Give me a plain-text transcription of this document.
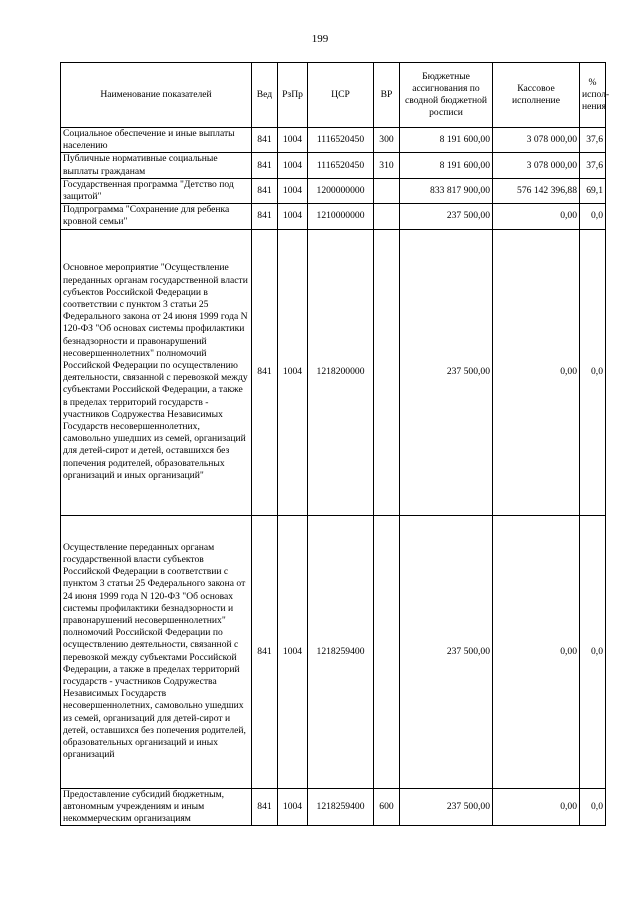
199
Наименование показателей	Вед	РзПр	ЦСР	ВР	Бюджетные ассигнования по сводной бюджетной росписи	Кассовое исполнение	% испол-нения
Социальное обеспечение и иные выплаты населению	841	1004	1116520450	300	8 191 600,00	3 078 000,00	37,6
Публичные нормативные социальные выплаты гражданам	841	1004	1116520450	310	8 191 600,00	3 078 000,00	37,6
Государственная программа "Детство под защитой"	841	1004	1200000000		833 817 900,00	576 142 396,88	69,1
Подпрограмма "Сохранение для ребенка кровной семьи"	841	1004	1210000000		237 500,00	0,00	0,0
Основное мероприятие "Осуществление переданных органам государственной власти субъектов Российской Федерации в соответствии с пунктом 3 статьи 25 Федерального закона от 24 июня 1999 года N 120-ФЗ "Об основах системы профилактики безнадзорности и правонарушений несовершеннолетних" полномочий Российской Федерации по осуществлению деятельности, связанной с перевозкой между субъектами Российской Федерации, а также в пределах территорий государств - участников Содружества Независимых Государств несовершеннолетних, самовольно ушедших из семей, организаций для детей-сирот и детей, оставшихся без попечения родителей, образовательных организаций и иных организаций"	841	1004	1218200000		237 500,00	0,00	0,0
Осуществление переданных органам государственной власти субъектов Российской Федерации в соответствии с пунктом 3 статьи 25 Федерального закона от 24 июня 1999 года N 120-ФЗ "Об основах системы профилактики безнадзорности и правонарушений несовершеннолетних" полномочий Российской Федерации по осуществлению деятельности, связанной с перевозкой между субъектами Российской Федерации, а также в пределах территорий государств - участников Содружества Независимых Государств несовершеннолетних, самовольно ушедших из семей, организаций для детей-сирот и детей, оставшихся без попечения родителей, образовательных организаций и иных организаций	841	1004	1218259400		237 500,00	0,00	0,0
Предоставление субсидий бюджетным, автономным учреждениям и иным некоммерческим организациям	841	1004	1218259400	600	237 500,00	0,00	0,0
